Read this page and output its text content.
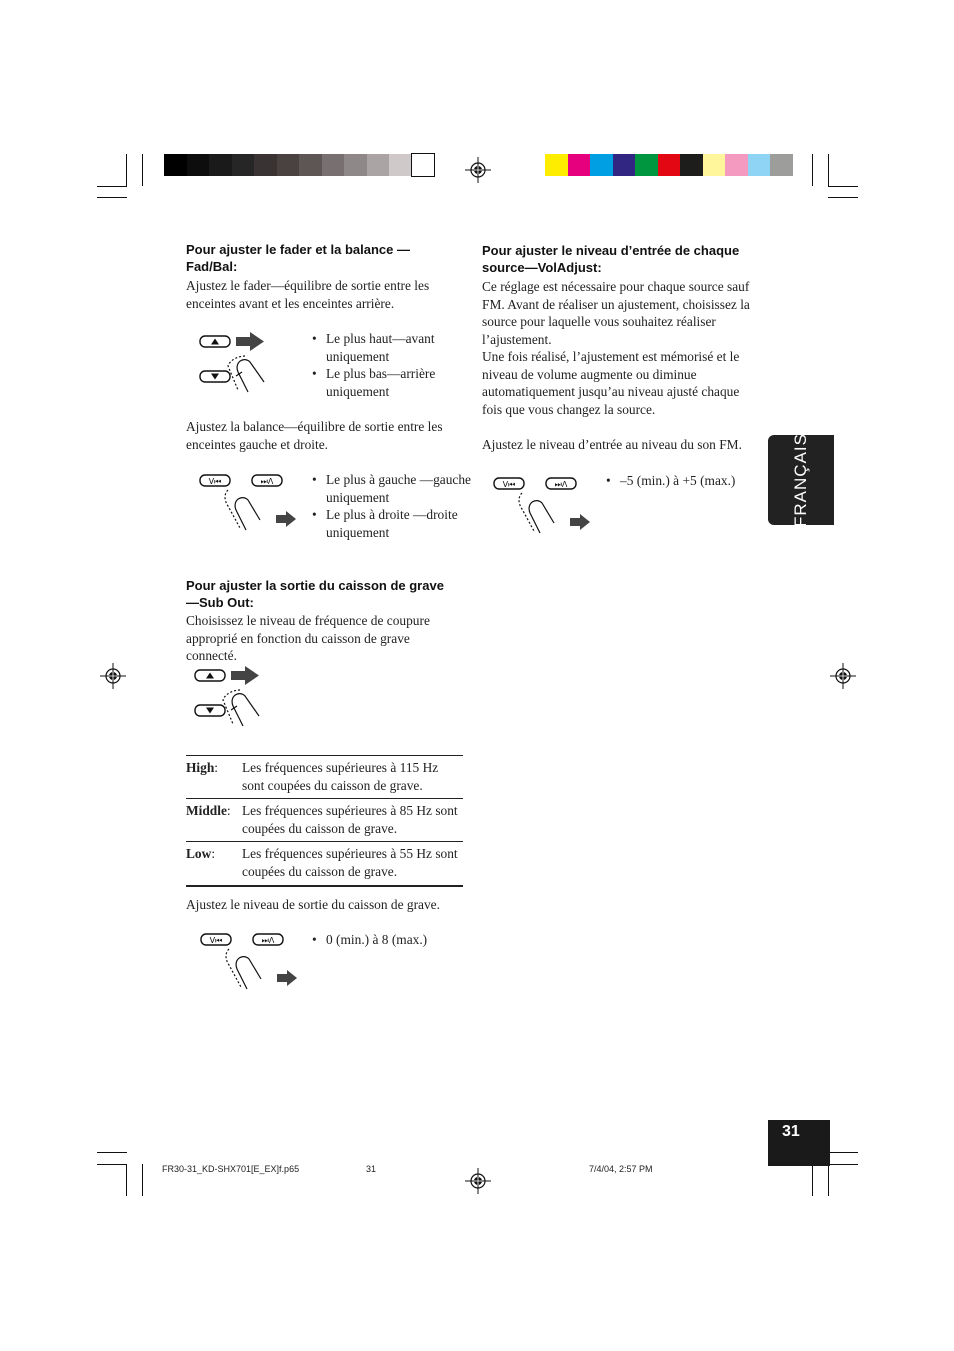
FRANÇAIS
Pour ajuster le fader et la balance —Fad/Bal:
Ajustez le fader—équilibre de sortie entre les enceintes avant et les enceintes arrière.
• Le plus haut—avant uniquement
• Le plus bas—arrière uniquement
Ajustez la balance—équilibre de sortie entre les enceintes gauche et droite.
V⏮	⏭Λ	• Le plus à gauche —gauche uniquement
• Le plus à droite —droite uniquement
Pour ajuster la sortie du caisson de grave—Sub Out:
Choisissez le niveau de fréquence de coupure approprié en fonction du caisson de grave connecté.
High:	Les fréquences supérieures à 115 Hz sont coupées du caisson de grave.
Middle:	Les fréquences supérieures à 85 Hz sont coupées du caisson de grave.
Low:	Les fréquences supérieures à 55 Hz sont coupées du caisson de grave.
Ajustez le niveau de sortie du caisson de grave.
V⏮	⏭Λ	• 0 (min.) à 8 (max.)
Pour ajuster le niveau d’entrée de chaque source—VolAdjust:
Ce réglage est nécessaire pour chaque source sauf FM. Avant de réaliser un ajustement, choisissez la source pour laquelle vous souhaitez réaliser l’ajustement.
Une fois réalisé, l’ajustement est mémorisé et le niveau de volume augmente ou diminue automatiquement jusqu’au niveau ajusté chaque fois que vous changez la source.
Ajustez le niveau d’entrée au niveau du son FM.
V⏮	⏭Λ	• –5 (min.) à +5 (max.)
31
FR30-31_KD-SHX701[E_EX]f.p65	31	7/4/04, 2:57 PM
